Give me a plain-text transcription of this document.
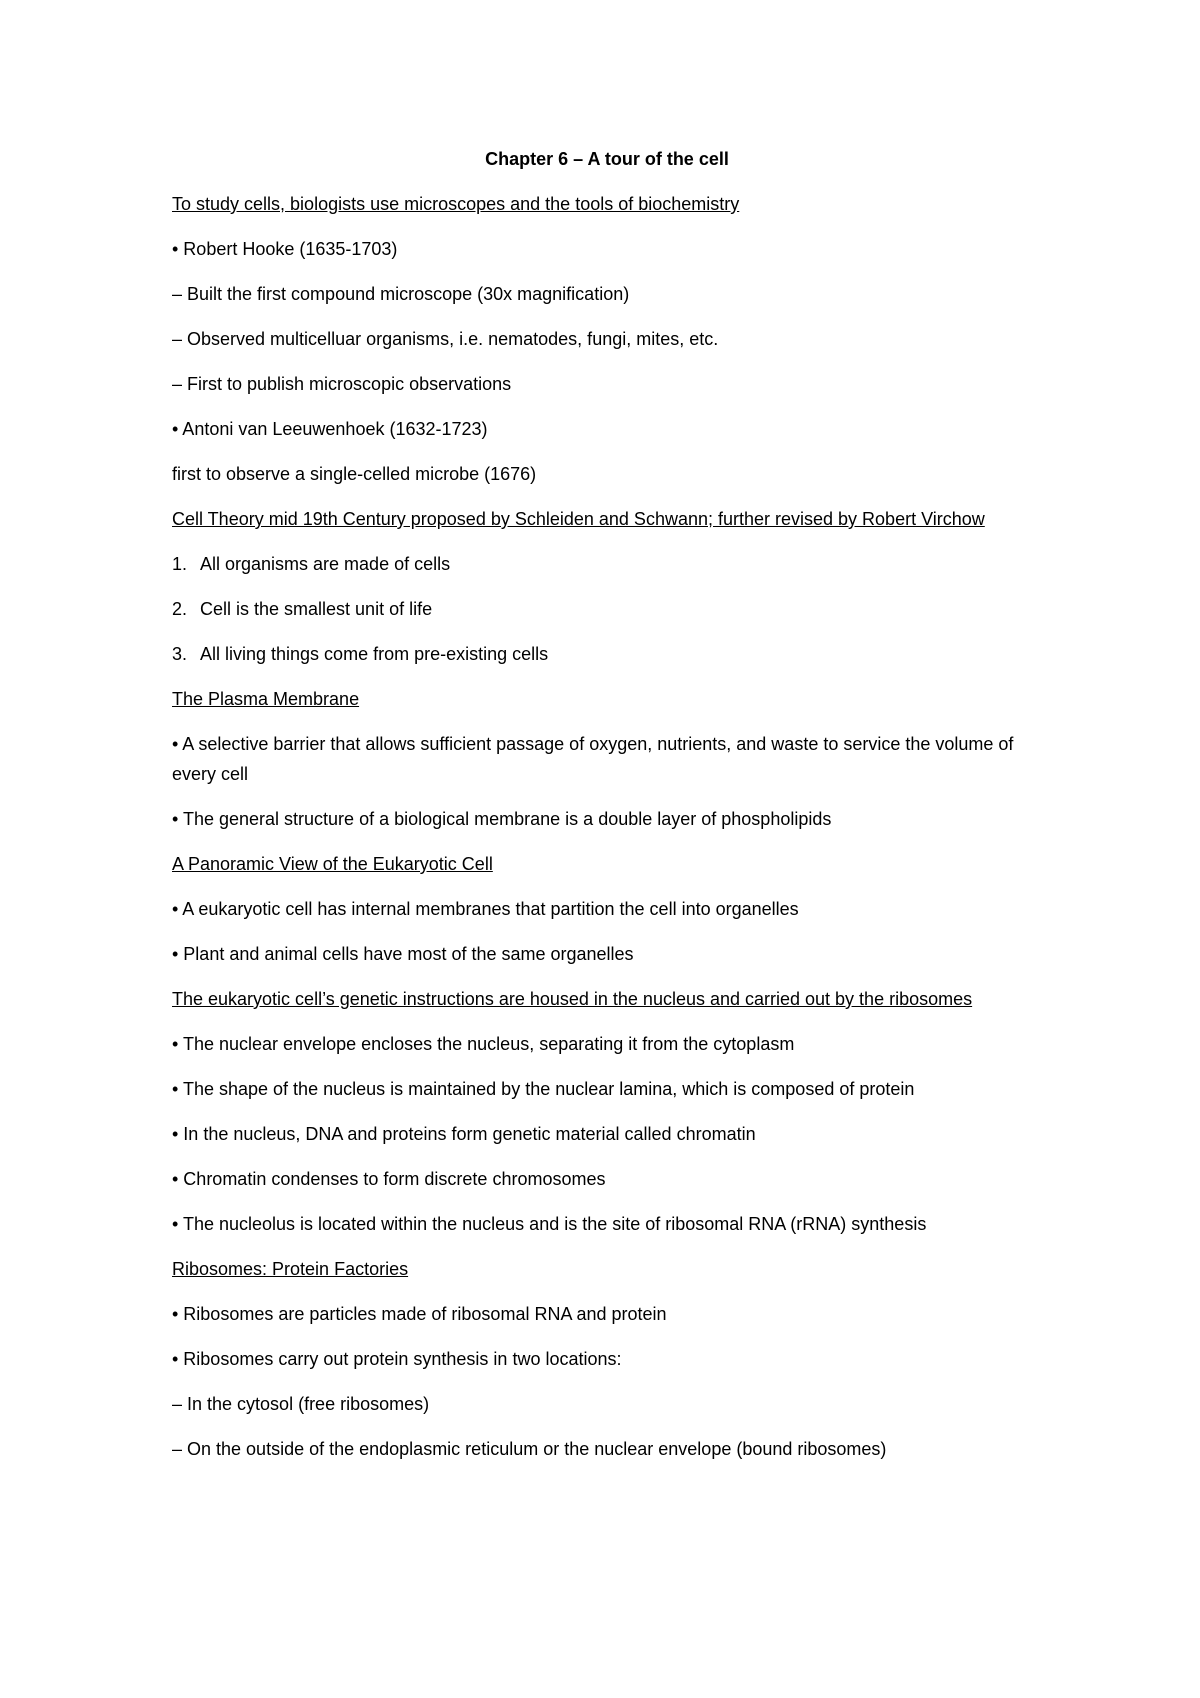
Chapter 6 – A tour of the cell
To study cells, biologists use microscopes and the tools of biochemistry
• Robert Hooke (1635-1703)
– Built the first compound microscope (30x magnification)
– Observed multicelluar organisms, i.e. nematodes, fungi, mites, etc.
– First to publish microscopic observations
• Antoni van Leeuwenhoek (1632-1723)
first to observe a single-celled microbe (1676)
Cell Theory mid 19th Century proposed by Schleiden and Schwann; further revised by Robert Virchow
1. All organisms are made of cells
2. Cell is the smallest unit of life
3. All living things come from pre-existing cells
The Plasma Membrane
• A selective barrier that allows sufficient passage of oxygen, nutrients, and waste to service the volume of every cell
• The general structure of a biological membrane is a double layer of phospholipids
A Panoramic View of the Eukaryotic Cell
• A eukaryotic cell has internal membranes that partition the cell into organelles
• Plant and animal cells have most of the same organelles
The eukaryotic cell’s genetic instructions are housed in the nucleus and carried out by the ribosomes
• The nuclear envelope encloses the nucleus, separating it from the cytoplasm
• The shape of the nucleus is maintained by the nuclear lamina, which is composed of protein
• In the nucleus, DNA and proteins form genetic material called chromatin
• Chromatin condenses to form discrete chromosomes
• The nucleolus is located within the nucleus and is the site of ribosomal RNA (rRNA) synthesis
Ribosomes: Protein Factories
• Ribosomes are particles made of ribosomal RNA and protein
• Ribosomes carry out protein synthesis in two locations:
– In the cytosol (free ribosomes)
– On the outside of the endoplasmic reticulum or the nuclear envelope (bound ribosomes)
